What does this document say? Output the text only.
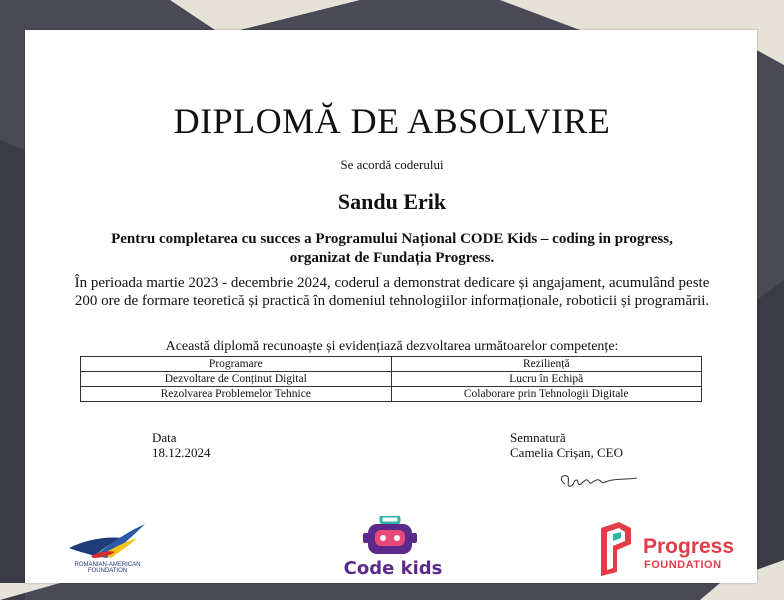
DIPLOMĂ DE ABSOLVIRE
Se acordă coderului
Sandu Erik
Pentru completarea cu succes a Programului Național CODE Kids – coding in progress, organizat de Fundația Progress.
În perioada martie 2023 - decembrie 2024, coderul a demonstrat dedicare și angajament, acumulând peste 200 ore de formare teoretică și practică în domeniul tehnologiilor informaționale, roboticii și programării.
Această diplomă recunoaște și evidențiază dezvoltarea următoarelor competențe:
Programare	Reziliență
Dezvoltare de Conținut Digital	Lucru în Echipă
Rezolvarea Problemelor Tehnice	Colaborare prin Tehnologii Digitale
Data
18.12.2024
Semnatură
Camelia Crișan, CEO
ROMANIAN-AMERICAN FOUNDATION	Code kids
Progress
FOUNDATION
